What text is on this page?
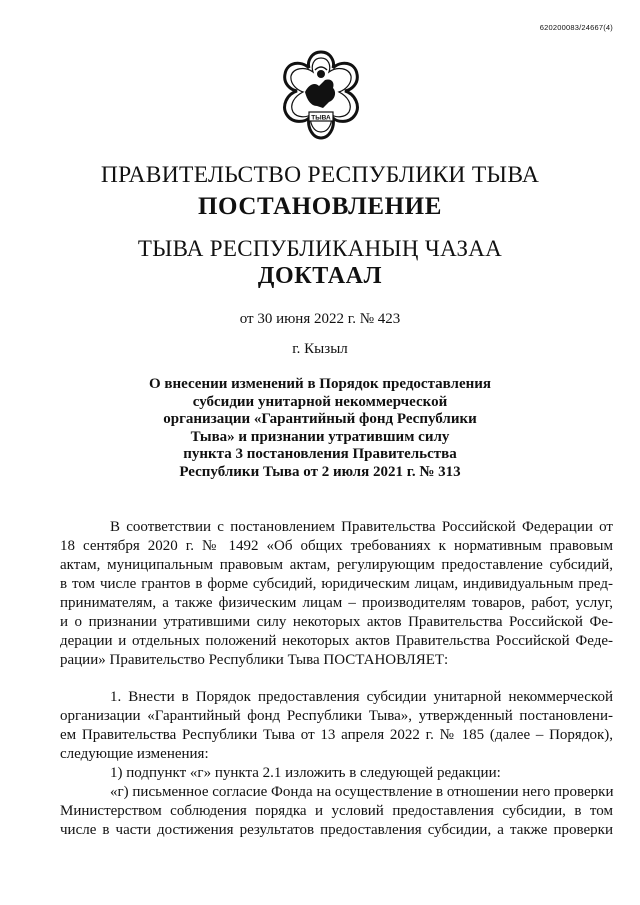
620200083/24667(4)
ТЫВА
ПРАВИТЕЛЬСТВО РЕСПУБЛИКИ ТЫВА
ПОСТАНОВЛЕНИЕ
ТЫВА РЕСПУБЛИКАНЫҢ ЧАЗАА
ДОКТААЛ
от 30 июня 2022 г. № 423
г. Кызыл
О внесении изменений в Порядок предоставления
субсидии унитарной некоммерческой
организации «Гарантийный фонд Республики
Тыва» и признании утратившим силу
пункта 3 постановления Правительства
Республики Тыва от 2 июля 2021 г. № 313
В соответствии с постановлением Правительства Российской Федерации от
18 сентября 2020 г. № 1492 «Об общих требованиях к нормативным правовым
актам, муниципальным правовым актам, регулирующим предоставление субсидий,
в том числе грантов в форме субсидий, юридическим лицам, индивидуальным пред-
принимателям, а также физическим лицам – производителям товаров, работ, услуг,
и о признании утратившими силу некоторых актов Правительства Российской Фе-
дерации и отдельных положений некоторых актов Правительства Российской Феде-
рации» Правительство Республики Тыва ПОСТАНОВЛЯЕТ:
1. Внести в Порядок предоставления субсидии унитарной некоммерческой
организации «Гарантийный фонд Республики Тыва», утвержденный постановлени-
ем Правительства Республики Тыва от 13 апреля 2022 г. № 185 (далее – Порядок),
следующие изменения:
1) подпункт «г» пункта 2.1 изложить в следующей редакции:
«г) письменное согласие Фонда на осуществление в отношении него проверки
Министерством соблюдения порядка и условий предоставления субсидии, в том
числе в части достижения результатов предоставления субсидии, а также проверки
